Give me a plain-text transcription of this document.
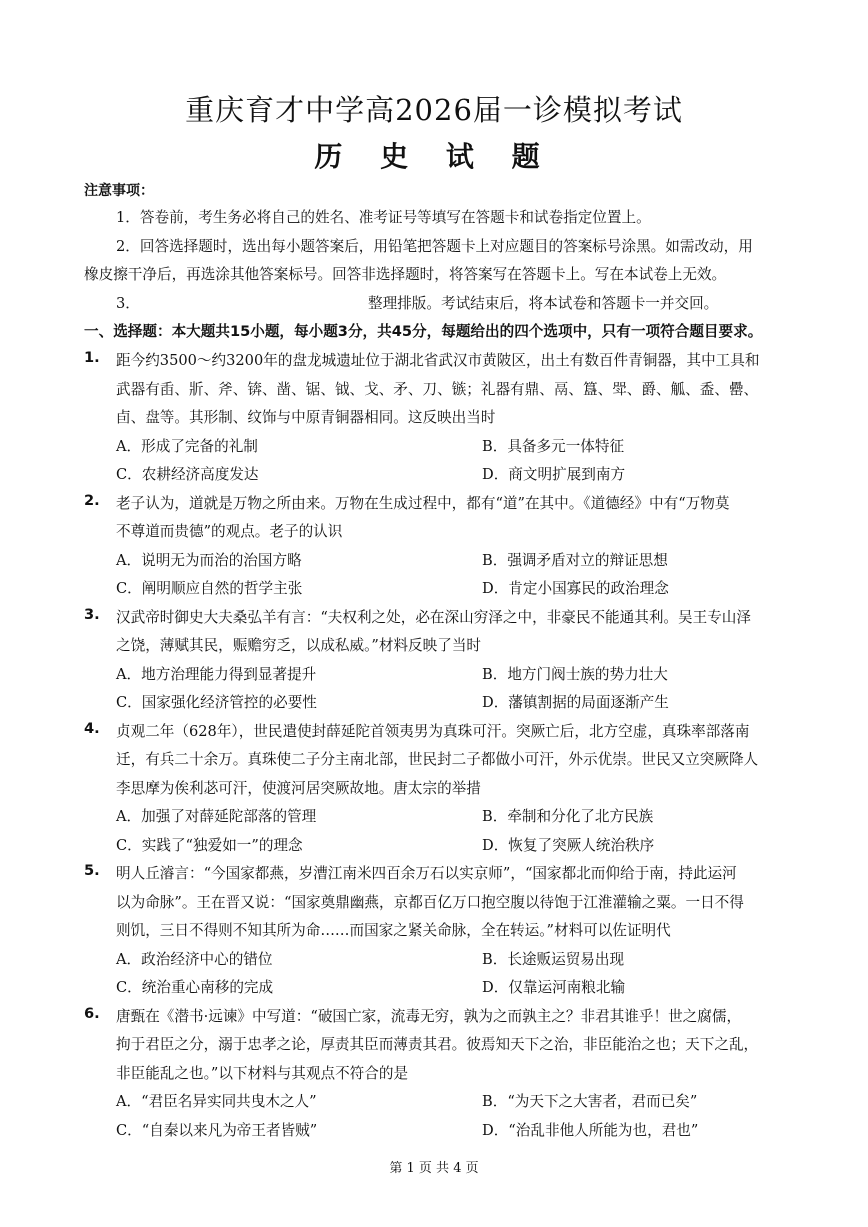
重庆育才中学高2026届一诊模拟考试
历 史 试 题
注意事项：
1．答卷前，考生务必将自己的姓名、准考证号等填写在答题卡和试卷指定位置上。
2．回答选择题时，选出每小题答案后，用铅笔把答题卡上对应题目的答案标号涂黑。如需改动，用
橡皮擦干净后，再选涂其他答案标号。回答非选择题时，将答案写在答题卡上。写在本试卷上无效。
3．	整理排版。考试结束后，将本试卷和答题卡一并交回。
一、选择题：本大题共15小题，每小题3分，共45分，每题给出的四个选项中，只有一项符合题目要求。
1. 距今约3500～约3200年的盘龙城遗址位于湖北省武汉市黄陂区，出土有数百件青铜器，其中工具和
武器有臿、斨、斧、锛、凿、锯、钺、戈、矛、刀、镞；礼器有鼎、鬲、簋、斝、爵、觚、盉、罍、
卣、盘等。其形制、纹饰与中原青铜器相同。这反映出当时
A．形成了完备的礼制	B．具备多元一体特征
C．农耕经济高度发达	D．商文明扩展到南方
2. 老子认为，道就是万物之所由来。万物在生成过程中，都有“道”在其中。《道德经》中有“万物莫
不尊道而贵德”的观点。老子的认识
A．说明无为而治的治国方略	B．强调矛盾对立的辩证思想
C．阐明顺应自然的哲学主张	D．肯定小国寡民的政治理念
3. 汉武帝时御史大夫桑弘羊有言：“夫权利之处，必在深山穷泽之中，非豪民不能通其利。吴王专山泽
之饶，薄赋其民，赈赡穷乏，以成私威。”材料反映了当时
A．地方治理能力得到显著提升	B．地方门阀士族的势力壮大
C．国家强化经济管控的必要性	D．藩镇割据的局面逐渐产生
4. 贞观二年（628年），世民遣使封薛延陀首领夷男为真珠可汗。突厥亡后，北方空虚，真珠率部落南
迁，有兵二十余万。真珠使二子分主南北部，世民封二子都做小可汗，外示优崇。世民又立突厥降人
李思摩为俟利苾可汗，使渡河居突厥故地。唐太宗的举措
A．加强了对薛延陀部落的管理	B．牵制和分化了北方民族
C．实践了“独爱如一”的理念	D．恢复了突厥人统治秩序
5. 明人丘濬言：“今国家都燕，岁漕江南米四百余万石以实京师”，“国家都北而仰给于南，持此运河
以为命脉”。王在晋又说：“国家奠鼎幽燕，京都百亿万口抱空腹以待饱于江淮灌输之粟。一日不得
则饥，三日不得则不知其所为命……而国家之紧关命脉，全在转运。”材料可以佐证明代
A．政治经济中心的错位	B．长途贩运贸易出现
C．统治重心南移的完成	D．仅靠运河南粮北输
6. 唐甄在《潜书·远谏》中写道：“破国亡家，流毒无穷，孰为之而孰主之？非君其谁乎！世之腐儒，
拘于君臣之分，溺于忠孝之论，厚责其臣而薄责其君。彼焉知天下之治，非臣能治之也；天下之乱，
非臣能乱之也。”以下材料与其观点不符合的是
A．“君臣名异实同共曳木之人”	B．“为天下之大害者，君而已矣”
C．“自秦以来凡为帝王者皆贼”	D．“治乱非他人所能为也，君也”
第 1 页 共 4 页
